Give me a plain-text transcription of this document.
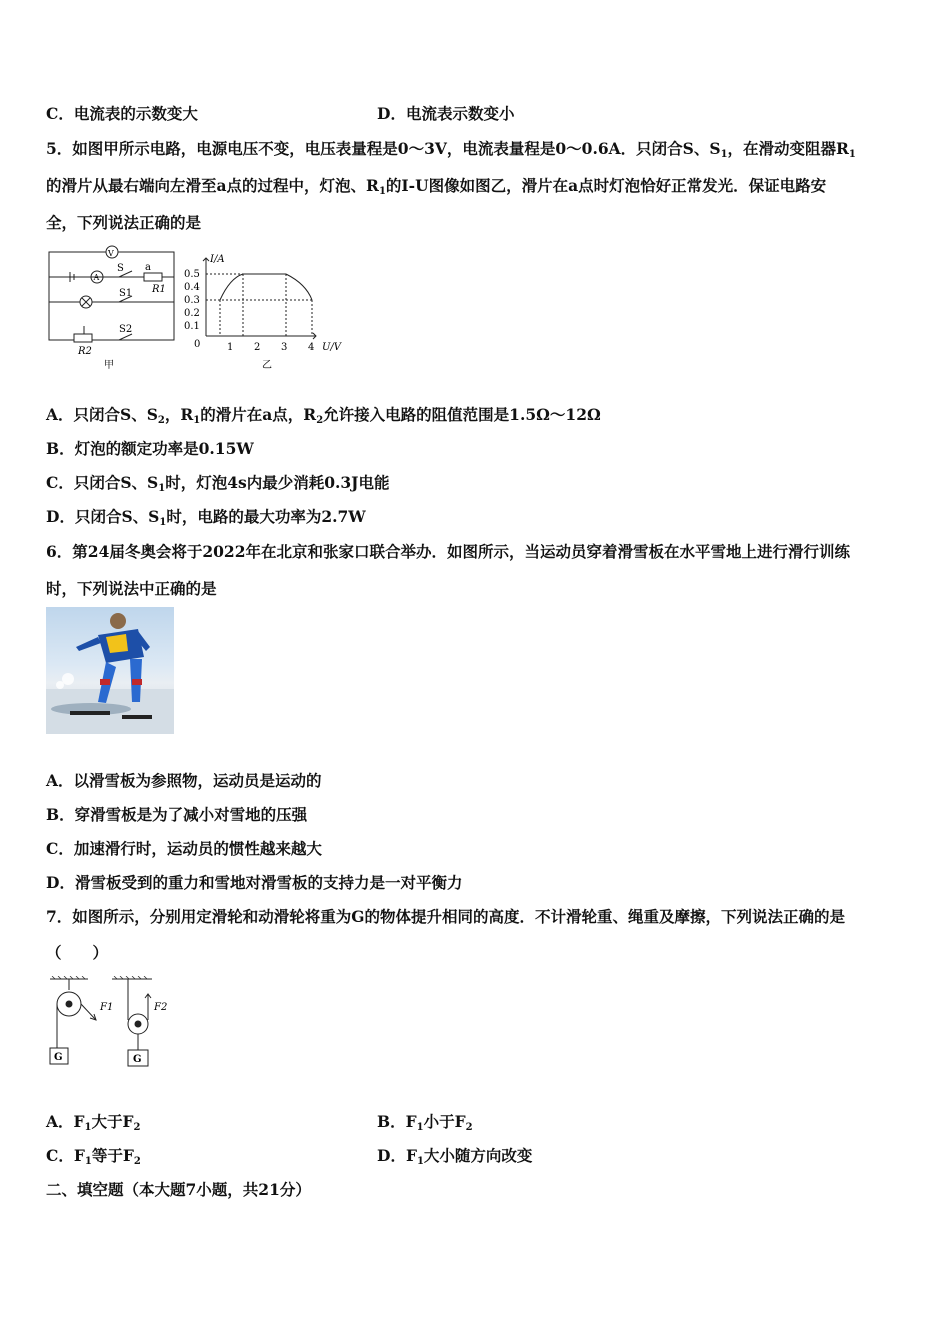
C．电流表的示数变大	D．电流表示数变小
5．如图甲所示电路，电源电压不变，电压表量程是0～3V，电流表量程是0～0.6A．只闭合S、$S_1$，在滑动变阻器$R_1$
的滑片从最右端向左滑至a点的过程中，灯泡、$R_1$的I-U图像如图乙，滑片在a点时灯泡恰好正常发光．保证电路安
全，下列说法正确的是
V
A
S a
R1
S1
S2
R2
甲
I/A
U/V
0
0.5
0.4
0.3
0.2
0.1
1 2 3 4
乙
A．只闭合S、$S_2$，$R_1$的滑片在a点，$R_2$允许接入电路的阻值范围是1.5Ω～12Ω
B．灯泡的额定功率是0.15W
C．只闭合S、$S_1$时，灯泡4s内最少消耗0.3J电能
D．只闭合S、$S_1$时，电路的最大功率为2.7W
6．第24届冬奥会将于2022年在北京和张家口联合举办．如图所示，当运动员穿着滑雪板在水平雪地上进行滑行训练
时，下列说法中正确的是
A．以滑雪板为参照物，运动员是运动的
B．穿滑雪板是为了减小对雪地的压强
C．加速滑行时，运动员的惯性越来越大
D．滑雪板受到的重力和雪地对滑雪板的支持力是一对平衡力
7．如图所示，分别用定滑轮和动滑轮将重为G的物体提升相同的高度．不计滑轮重、绳重及摩擦，下列说法正确的是
（　　）
G	G
F1	F2
A．$F_1$大于$F_2$	B．$F_1$小于$F_2$
C．$F_1$等于$F_2$	D．$F_1$大小随方向改变
二、填空题（本大题7小题，共21分）
